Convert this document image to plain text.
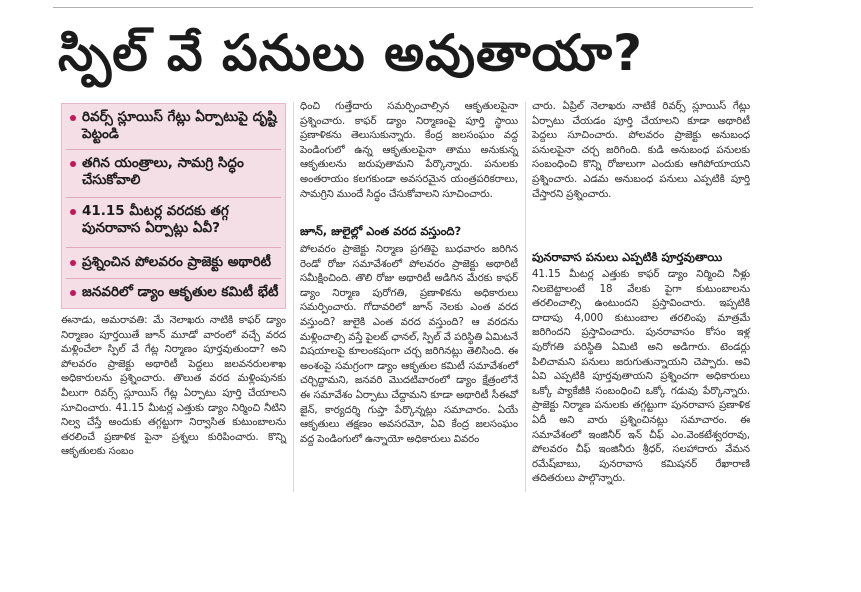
స్పిల్ వే పనులు అవుతాయా?
రివర్స్ స్లూయిస్ గేట్లు ఏర్పాటుపై దృష్టి పెట్టండి
తగిన యంత్రాలు, సామగ్రి సిద్ధం చేసుకోవాలి
41.15 మీటర్ల వరదకు తగ్గ పునరావాస ఏర్పాట్లు ఏవీ?
ప్రశ్నించిన పోలవరం ప్రాజెక్టు అథారిటీ
జనవరిలో డ్యాం ఆకృతుల కమిటీ భేటీ
ఈనాడు, అమరావతి: మే నెలాఖరు నాటికి కాఫర్ డ్యాం నిర్మాణం పూర్తయితే జూన్ మూడో వారంలో వచ్చే వరద మళ్లించేలా స్పిల్ వే గేట్ల నిర్మాణం పూర్తవుతుందా? అని పోలవరం ప్రాజెక్టు అథారిటీ పెద్దలు జలవనరులశాఖ అధికారులను ప్రశ్నించారు. తొలుత వరద మళ్లింపునకు వీలుగా రివర్స్ స్లూయిస్ గేట్ల ఏర్పాటు పూర్తి చేయాలని సూచించారు. 41.15 మీటర్ల ఎత్తుకు డ్యాం నిర్మించి నీటిని నిల్వ చేస్తే అందుకు తగ్గట్టుగా నిర్వాసిత కుటుంబాలను తరలించే ప్రణాళిక పైనా ప్రశ్నలు కురిపించారు. కొన్ని ఆకృతులకు సంబం
ధించి గుత్తేదారు సమర్పించాల్సిన ఆకృతులపైనా ప్రశ్నించారు. కాఫర్ డ్యాం నిర్మాణంపై పూర్తి స్థాయి ప్రణాళికను తెలుసుకున్నారు. కేంద్ర జలసంఘం వద్ద పెండింగులో ఉన్న ఆకృతులపైనా తాము అనుకున్న ఆకృతులను జరుపుతామని పేర్కొన్నారు. పనులకు అంతరాయం కలగకుండా అవసరమైన యంత్రపరికరాలు, సామగ్రిని ముందే సిద్ధం చేసుకోవాలని సూచించారు.
జూన్, జులైల్లో ఎంత వరద వస్తుంది?
పోలవరం ప్రాజెక్టు నిర్మాణ ప్రగతిపై బుధవారం జరిగిన రెండో రోజు సమావేశంలో పోలవరం ప్రాజెక్టు అథారిటీ సమీక్షించింది. తొలి రోజు అథారిటీ అడిగిన మేరకు కాఫర్ డ్యాం నిర్మాణ పురోగతి, ప్రణాళికను అధికారులు సమర్పించారు. గోదావరిలో జూన్ నెలకు ఎంత వరద వస్తుంది? జులైకి ఎంత వరద వస్తుంది? ఆ వరదను మళ్లించాల్సి వస్తే పైలట్ ఛానల్, స్పిల్ వే పరిస్థితి ఏమిటనే విషయాలపై కూలంకషంగా చర్చ జరిగినట్లు తెలిసింది. ఈ అంశంపై సమగ్రంగా డ్యాం ఆకృతుల కమిటీ సమావేశంలో చర్చిద్దామని, జనవరి మొదటివారంలో డ్యాం క్షేత్రంలోనే ఈ సమావేశం ఏర్పాటు చేద్దామని కూడా అథారిటీ సీఈవో జైన్, కార్యదర్శి గుప్తా పేర్కొన్నట్లు సమాచారం. ఏయే ఆకృతులు తక్షణం అవసరమో, ఏవి కేంద్ర జలసంఘం వద్ద పెండింగులో ఉన్నాయో అధికారులు వివరం
చారు. ఏప్రిల్ నెలాఖరు నాటికే రివర్స్ స్లూయిస్ గేట్లు ఏర్పాటు చేయడం పూర్తి చేయాలని కూడా అథారిటీ పెద్దలు సూచించారు. పోలవరం ప్రాజెక్టు అనుబంధ పనులపైనా చర్చ జరిగింది. కుడి అనుబంధ పనులకు సంబంధించి కొన్ని రోజులుగా ఎందుకు ఆగిపోయాయని ప్రశ్నించారు. ఎడమ అనుబంధ పనులు ఎప్పటికి పూర్తి చేస్తారని ప్రశ్నించారు.
పునరావాస పనులు ఎప్పటికి పూర్తవుతాయి
41.15 మీటర్ల ఎత్తుకు కాఫర్ డ్యాం నిర్మించి నీళ్లు నిలబెట్టాలంటే 18 వేలకు పైగా కుటుంబాలను తరలించాల్సి ఉంటుందని ప్రస్తావించారు. ఇప్పటికి దాదాపు 4,000 కుటుంబాల తరలింపు మాత్రమే జరిగిందని ప్రస్తావించారు. పునరావాసం కోసం ఇళ్ల పురోగతి పరిస్థితి ఏమిటి అని అడిగారు. టెండర్లు పిలిచామని పనులు జరుగుతున్నాయని చెప్పారు. అవి ఏవి ఎప్పటికి పూర్తవుతాయని ప్రశ్నించగా అధికారులు ఒక్కో ప్యాకేజీకి సంబంధించి ఒక్కో గడువు పేర్కొన్నారు. ప్రాజెక్టు నిర్మాణ పనులకు తగ్గట్టుగా పునరావాస ప్రణాళిక ఏదీ అని వారు ప్రశ్నించినట్లు సమాచారం. ఈ సమావేశంలో ఇంజినీర్ ఇన్ చీఫ్ ఎం.వెంకటేశ్వరరావు, పోలవరం చీఫ్ ఇంజినీరు శ్రీధర్, సలహాదారు వేమన రమేష్‌బాబు, పునరావాస కమిషనర్ రేఖారాణి తదితరులు పాల్గొన్నారు.
